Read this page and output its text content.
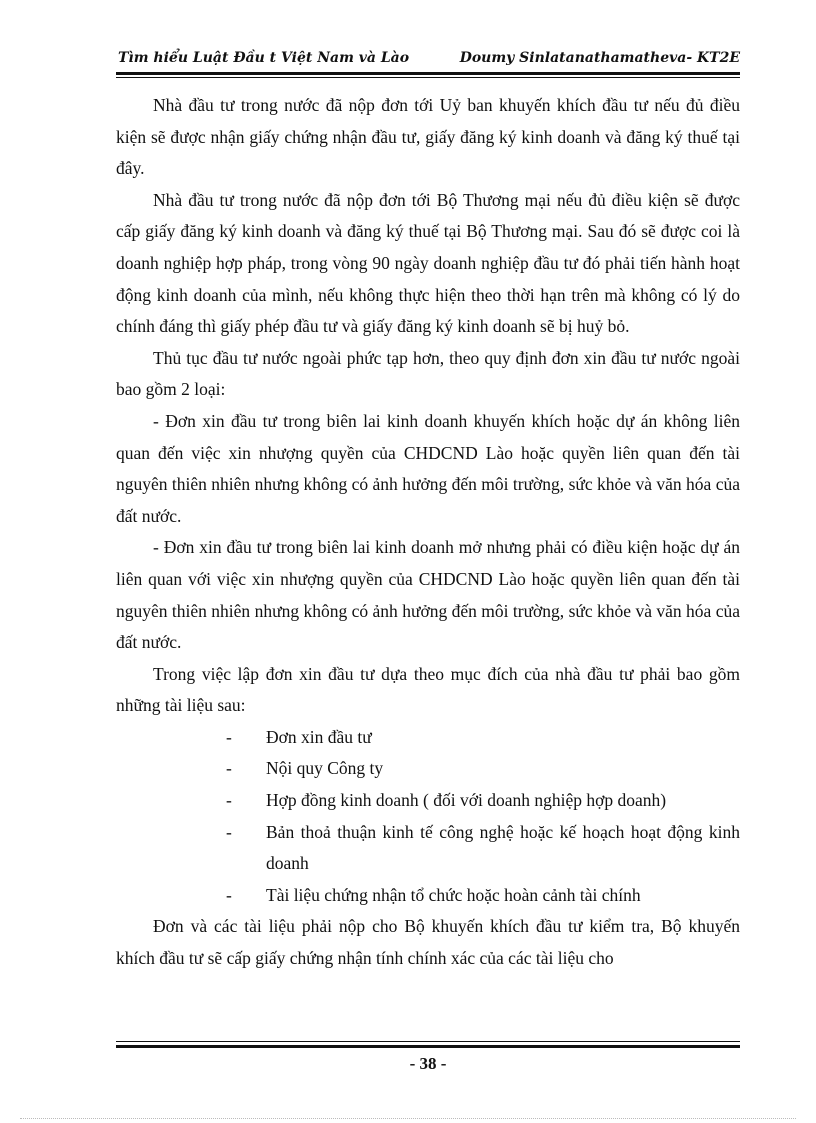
Tìm hiểu Luật Đầu t Việt Nam và Lào	Doumy Sinlatanathamatheva- KT2E

Nhà đầu tư trong nước đã nộp đơn tới Uỷ ban khuyến khích đầu tư nếu đủ điều kiện sẽ được nhận giấy chứng nhận đầu tư, giấy đăng ký kinh doanh và đăng ký thuế tại đây.

Nhà đầu tư trong nước đã nộp đơn tới Bộ Thương mại nếu đủ điều kiện sẽ được cấp giấy đăng ký kinh doanh và đăng ký thuế tại Bộ Thương mại. Sau đó sẽ được coi là doanh nghiệp hợp pháp, trong vòng 90 ngày doanh nghiệp đầu tư đó phải tiến hành hoạt động kinh doanh của mình, nếu không thực hiện theo thời hạn trên mà không có lý do chính đáng thì giấy phép đầu tư và giấy đăng ký kinh doanh sẽ bị huỷ bỏ.

Thủ tục đầu tư nước ngoài phức tạp hơn, theo quy định đơn xin đầu tư nước ngoài bao gồm 2 loại:

- Đơn xin đầu tư trong biên lai kinh doanh khuyến khích hoặc dự án không liên quan đến việc xin nhượng quyền của CHDCND Lào hoặc quyền liên quan đến tài nguyên thiên nhiên nhưng không có ảnh hưởng đến môi trường, sức khỏe và văn hóa của đất nước.

- Đơn xin đầu tư trong biên lai kinh doanh mở nhưng phải có điều kiện hoặc dự án liên quan với việc xin nhượng quyền của CHDCND Lào hoặc quyền liên quan đến tài nguyên thiên nhiên nhưng không có ảnh hưởng đến môi trường, sức khỏe và văn hóa của đất nước.

Trong việc lập đơn xin đầu tư dựa theo mục đích của nhà đầu tư phải bao gồm những tài liệu sau:

- Đơn xin đầu tư
- Nội quy Công ty
- Hợp đồng kinh doanh ( đối với doanh nghiệp hợp doanh)
- Bản thoả thuận kinh tế công nghệ hoặc kế hoạch hoạt động kinh doanh
- Tài liệu chứng nhận tổ chức hoặc hoàn cảnh tài chính

Đơn và các tài liệu phải nộp cho Bộ khuyến khích đầu tư kiểm tra, Bộ khuyến khích đầu tư sẽ cấp giấy chứng nhận tính chính xác của các tài liệu cho

- 38 -
